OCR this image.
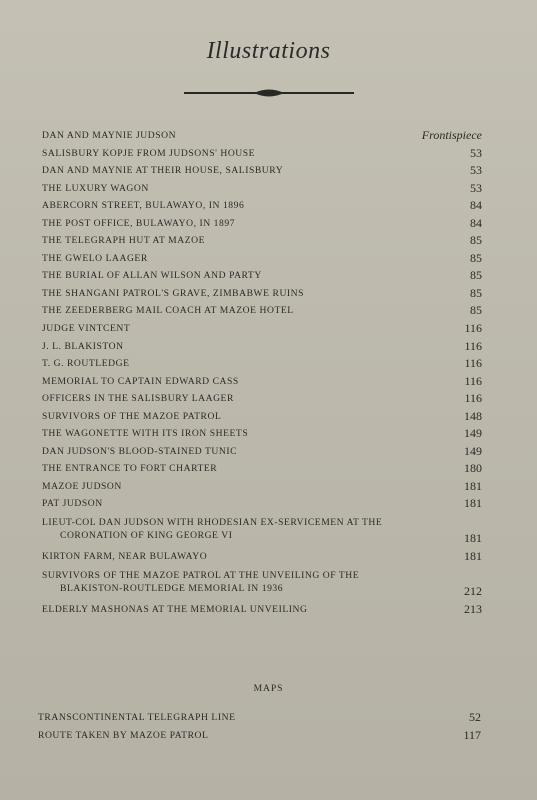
Illustrations
DAN AND MAYNIE JUDSON	Frontispiece
SALISBURY KOPJE FROM JUDSONS' HOUSE	53
DAN AND MAYNIE AT THEIR HOUSE, SALISBURY	53
THE LUXURY WAGON	53
ABERCORN STREET, BULAWAYO, IN 1896	84
THE POST OFFICE, BULAWAYO, IN 1897	84
THE TELEGRAPH HUT AT MAZOE	85
THE GWELO LAAGER	85
THE BURIAL OF ALLAN WILSON AND PARTY	85
THE SHANGANI PATROL'S GRAVE, ZIMBABWE RUINS	85
THE ZEEDERBERG MAIL COACH AT MAZOE HOTEL	85
JUDGE VINTCENT	116
J. L. BLAKISTON	116
T. G. ROUTLEDGE	116
MEMORIAL TO CAPTAIN EDWARD CASS	116
OFFICERS IN THE SALISBURY LAAGER	116
SURVIVORS OF THE MAZOE PATROL	148
THE WAGONETTE WITH ITS IRON SHEETS	149
DAN JUDSON'S BLOOD-STAINED TUNIC	149
THE ENTRANCE TO FORT CHARTER	180
MAZOE JUDSON	181
PAT JUDSON	181
LIEUT-COL DAN JUDSON WITH RHODESIAN EX-SERVICEMEN AT THE
CORONATION OF KING GEORGE VI	181
KIRTON FARM, NEAR BULAWAYO	181
SURVIVORS OF THE MAZOE PATROL AT THE UNVEILING OF THE
BLAKISTON-ROUTLEDGE MEMORIAL IN 1936	212
ELDERLY MASHONAS AT THE MEMORIAL UNVEILING	213
MAPS
TRANSCONTINENTAL TELEGRAPH LINE	52
ROUTE TAKEN BY MAZOE PATROL	117
